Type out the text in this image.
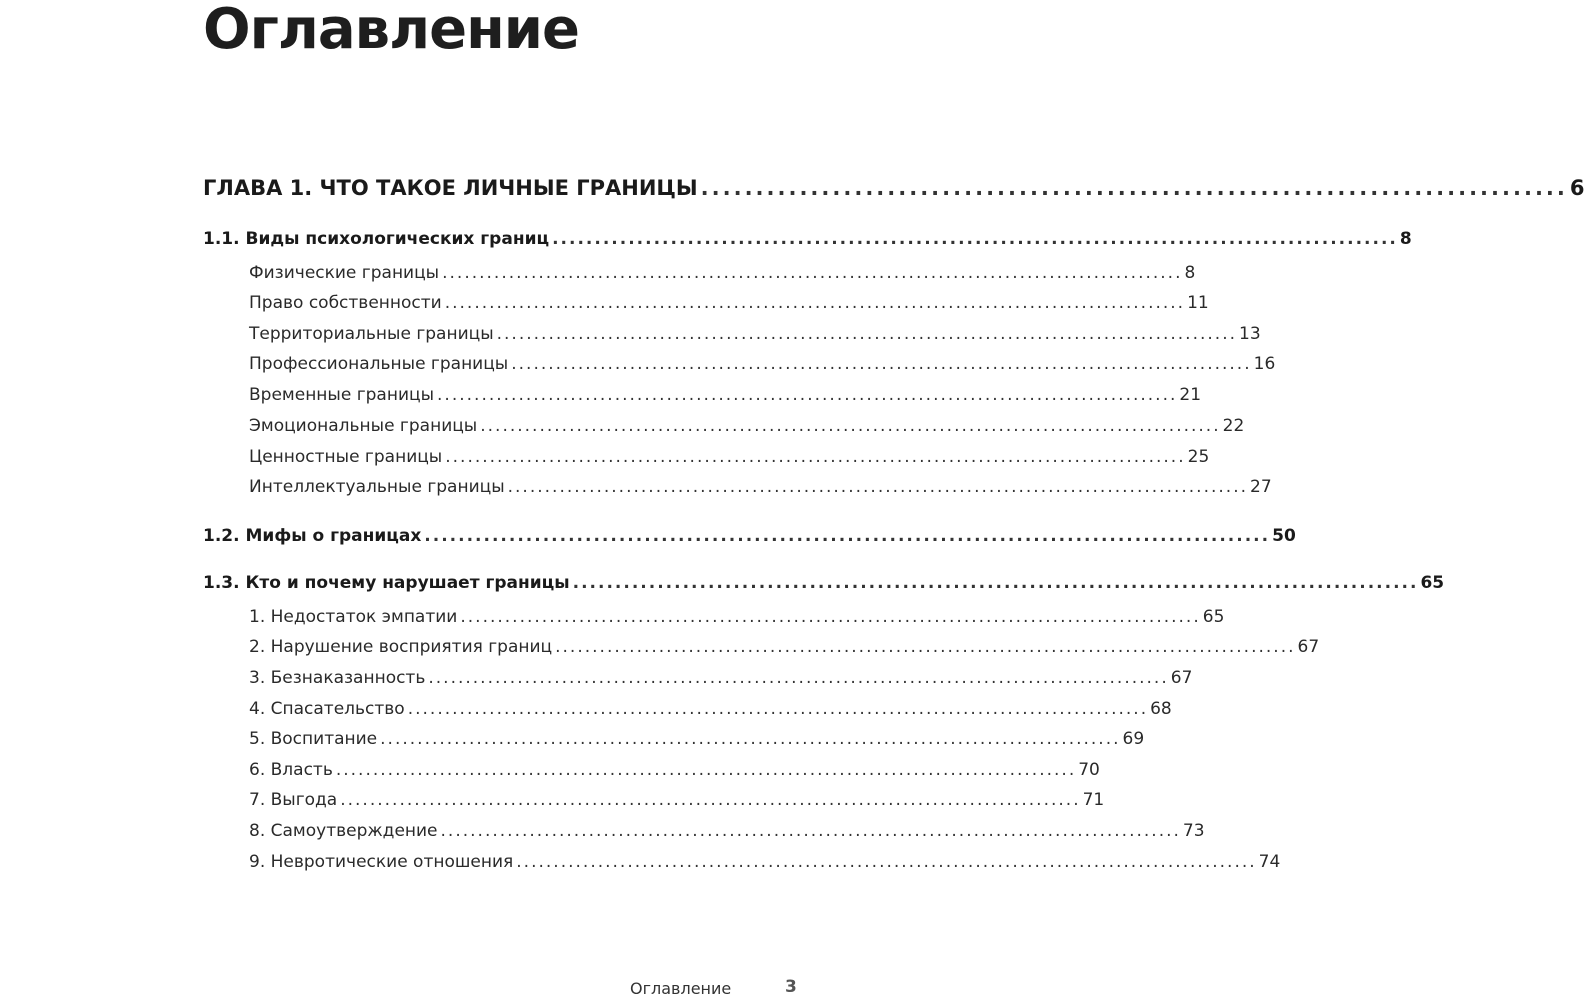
Оглавление
ГЛАВА 1. ЧТО ТАКОЕ ЛИЧНЫЕ ГРАНИЦЫ ............................................................................... 6
1.1. Виды психологических границ .................................................................................................... 8
Физические границы .................................................................................................... 8
Право собственности .................................................................................................... 11
Территориальные границы .................................................................................................... 13
Профессиональные границы .................................................................................................... 16
Временные границы .................................................................................................... 21
Эмоциональные границы .................................................................................................... 22
Ценностные границы .................................................................................................... 25
Интеллектуальные границы .................................................................................................... 27
1.2. Мифы о границах .................................................................................................... 50
1.3. Кто и почему нарушает границы .................................................................................................... 65
1. Недостаток эмпатии .................................................................................................... 65
2. Нарушение восприятия границ .................................................................................................... 67
3. Безнаказанность .................................................................................................... 67
4. Спасательство .................................................................................................... 68
5. Воспитание .................................................................................................... 69
6. Власть .................................................................................................... 70
7. Выгода .................................................................................................... 71
8. Самоутверждение .................................................................................................... 73
9. Невротические отношения .................................................................................................... 74
Оглавление	3
